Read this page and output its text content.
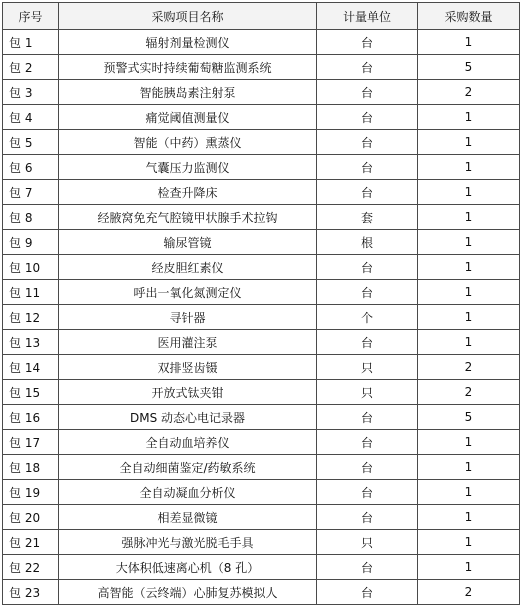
序号	采购项目名称	计量单位	采购数量
包 1	辐射剂量检测仪	台	1
包 2	预警式实时持续葡萄糖监测系统	台	5
包 3	智能胰岛素注射泵	台	2
包 4	痛觉阈值测量仪	台	1
包 5	智能（中药）熏蒸仪	台	1
包 6	气囊压力监测仪	台	1
包 7	检查升降床	台	1
包 8	经腋窝免充气腔镜甲状腺手术拉钩	套	1
包 9	输尿管镜	根	1
包 10	经皮胆红素仪	台	1
包 11	呼出一氧化氮测定仪	台	1
包 12	寻针器	个	1
包 13	医用灌注泵	台	1
包 14	双排竖齿镊	只	2
包 15	开放式钛夹钳	只	2
包 16	DMS 动态心电记录器	台	5
包 17	全自动血培养仪	台	1
包 18	全自动细菌鉴定/药敏系统	台	1
包 19	全自动凝血分析仪	台	1
包 20	相差显微镜	台	1
包 21	强脉冲光与激光脱毛手具	只	1
包 22	大体积低速离心机（8 孔）	台	1
包 23	高智能（云终端）心肺复苏模拟人	台	2
